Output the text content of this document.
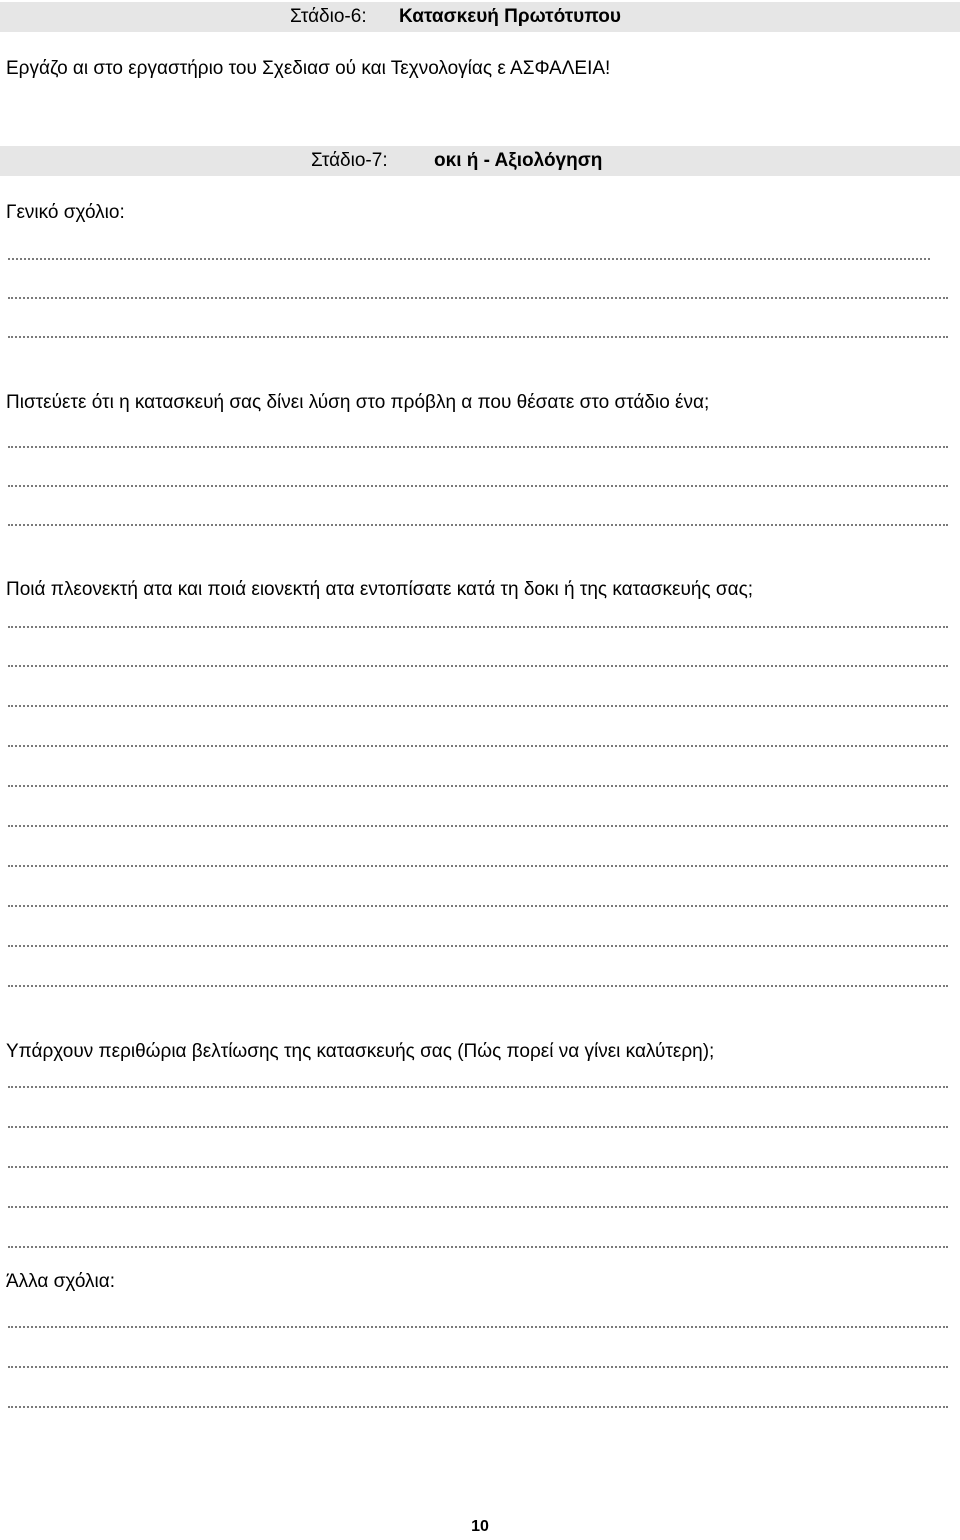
Στάδιο-6: Κατασκευή Πρωτότυπου
Εργάζο αι στο εργαστήριο του Σχεδιασ ού και Τεχνολογίας ε ΑΣΦΑΛΕΙΑ!
Στάδιο-7: οκι ή - Αξιολόγηση
Γενικό σχόλιο:
Πιστεύετε ότι η κατασκευή σας δίνει λύση στο πρόβλη α που θέσατε στο στάδιο ένα;
Ποιά πλεονεκτή ατα και ποιά ειονεκτή ατα εντοπίσατε κατά τη δοκι ή της κατασκευής σας;
Υπάρχουν περιθώρια βελτίωσης της κατασκευής σας (Πώς πορεί να γίνει καλύτερη);
Άλλα σχόλια:
10
